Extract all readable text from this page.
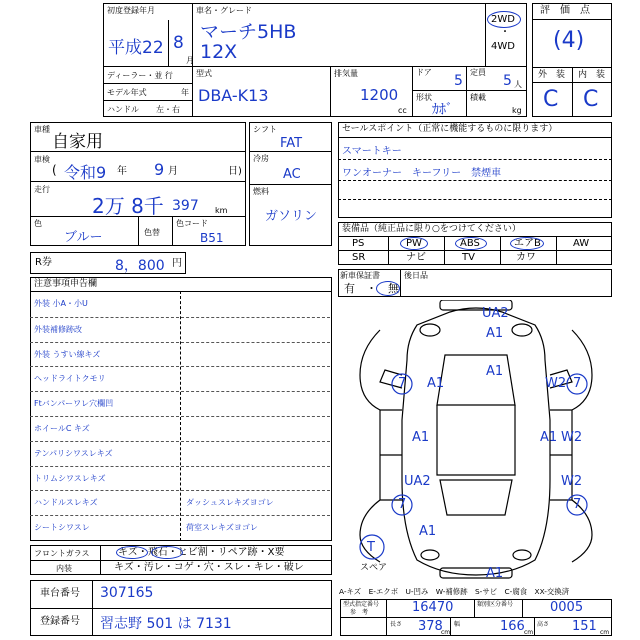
初度登録年月
平成22 8
月
車名・グレード
マーチ5HB
12X
2WD
・
4WD
ディーラー・並 行
モデル年式	年
ハンドル 左・右
型式
DBA-K13
排気量
1200
cc
ドア
5
定員
5 人
形状
ｶﾎﾞ
積載
kg
評　価　点
(4)
外　装 内　装
C C
車種
自家用
車検
( 令和9 年 9 月	日)
走行
2万 8千 397 km
色
ブルー	色替
色コード
B51
シフト
FAT
冷房
AC
燃料
ガソリン
R券	8，800 円
セールスポイント（正常に機能するものに限ります）
スマートキー
ワンオーナー　キーフリー　禁煙車
装備品（純正品に限り○をつけてください）
PS	PW	ABS	エアB	AW
SR	ナビ	TV	カワ
新車保証書
有　・　無
後日品
注意事項申告欄
外装 小A・小U
外装補修跡改
外装 うすい線キズ
ヘッドライトクモリ
Ftバンパーワレ穴欄凹
ホイールC キズ
テンパリシワスレキズ
トリムシワスレキズ
ハンドルスレキズ	ダッシュスレキズヨゴレ
シートシワスレ	荷室スレキズヨゴレ
フロントガラス	キズ・飛石・ヒビ割・リペア跡・X要
内装	キズ・汚レ・コゲ・穴・スレ・キレ・破レ
車台番号 307165
登録番号 習志野 501 は 7131
UA2
A1
A1
7 A1	W2 7
A1	A1 W2
UA2	W2
7
A1
7
T
A1
スペア
A-キズ　E-エクボ　U-凹み　W-補修跡　S-サビ　C-腐食　XX-交換済
型式指定番号
参　考	16470	類別区分番号	0005
長さ 378
cm
幅	166 cm
高さ 151 cm
